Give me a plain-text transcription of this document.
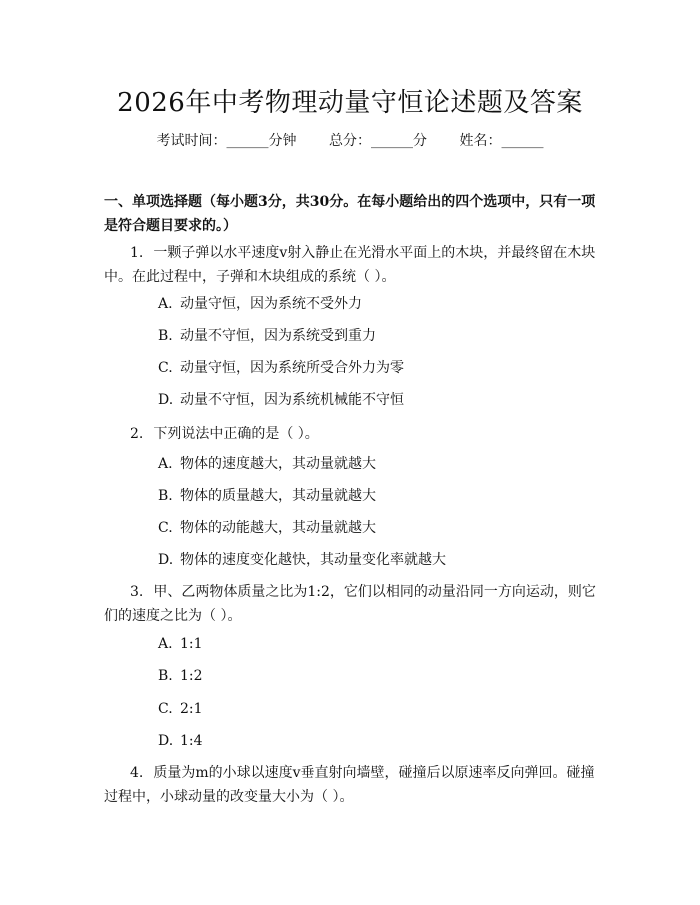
2026年中考物理动量守恒论述题及答案
考试时间：______分钟 总分：______分 姓名：______
一、单项选择题（每小题3分，共30分。在每小题给出的四个选项中，只有一项是符合题目要求的。）
1. 一颗子弹以水平速度v射入静止在光滑水平面上的木块，并最终留在木块中。在此过程中，子弹和木块组成的系统（ ）。
A. 动量守恒，因为系统不受外力
B. 动量不守恒，因为系统受到重力
C. 动量守恒，因为系统所受合外力为零
D. 动量不守恒，因为系统机械能不守恒
2. 下列说法中正确的是（ ）。
A. 物体的速度越大，其动量就越大
B. 物体的质量越大，其动量就越大
C. 物体的动能越大，其动量就越大
D. 物体的速度变化越快，其动量变化率就越大
3. 甲、乙两物体质量之比为1:2，它们以相同的动量沿同一方向运动，则它们的速度之比为（ ）。
A. 1:1
B. 1:2
C. 2:1
D. 1:4
4. 质量为m的小球以速度v垂直射向墙壁，碰撞后以原速率反向弹回。碰撞过程中，小球动量的改变量大小为（ ）。
